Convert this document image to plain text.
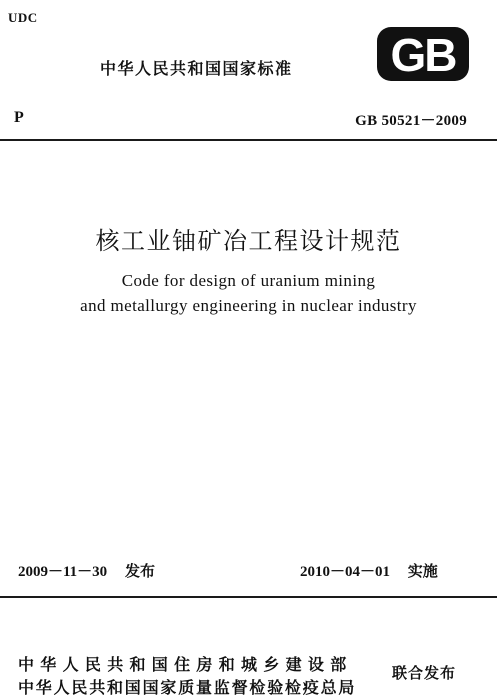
UDC
中华人民共和国国家标准 GB
P	GB 50521－2009
核工业铀矿冶工程设计规范
Code for design of uranium mining
and metallurgy engineering in nuclear industry
2009－11－30 发布	2010－04－01 实施
中华人民共和国住房和城乡建设部
中华人民共和国国家质量监督检验检疫总局
联合发布
